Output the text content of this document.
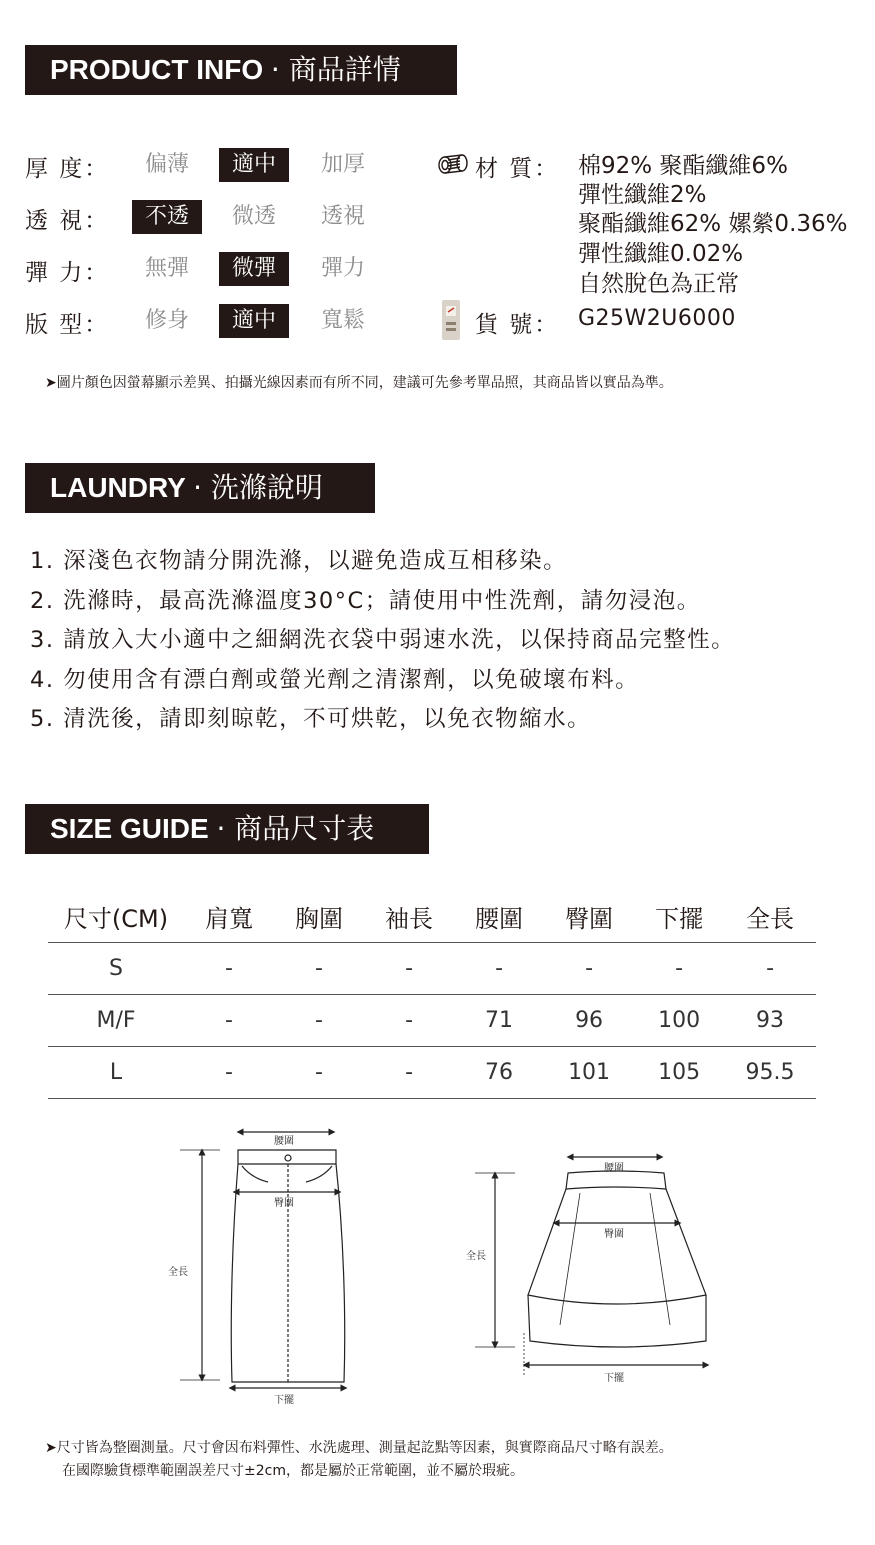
PRODUCT INFO · 商品詳情
厚 度：	偏薄	適中	加厚
透 視：	不透	微透	透視
彈 力：	無彈	微彈	彈力
版 型：	修身	適中	寬鬆
材 質： 棉92% 聚酯纖維6%
彈性纖維2%
聚酯纖維62% 嫘縈0.36%
彈性纖維0.02%
自然脫色為正常
貨 號： G25W2U6000
➤圖片顏色因螢幕顯示差異、拍攝光線因素而有所不同，建議可先參考單品照，其商品皆以實品為準。
LAUNDRY · 洗滌說明
1. 深淺色衣物請分開洗滌，以避免造成互相移染。
2. 洗滌時，最高洗滌溫度30°C；請使用中性洗劑，請勿浸泡。
3. 請放入大小適中之細網洗衣袋中弱速水洗，以保持商品完整性。
4. 勿使用含有漂白劑或螢光劑之清潔劑，以免破壞布料。
5. 清洗後，請即刻晾乾，不可烘乾，以免衣物縮水。
SIZE GUIDE · 商品尺寸表
尺寸(CM)	肩寬	胸圍	袖長	腰圍	臀圍	下擺	全長
S	-	-	-	-	-	-	-
M/F	-	-	-	71	96	100	93
L	-	-	-	76	101	105	95.5
腰圍
臀圍
全長
下擺
腰圍
臀圍
全長
下擺
➤尺寸皆為整圈測量。尺寸會因布料彈性、水洗處理、測量起訖點等因素，與實際商品尺寸略有誤差。
在國際驗貨標準範圍誤差尺寸±2cm，都是屬於正常範圍，並不屬於瑕疵。
